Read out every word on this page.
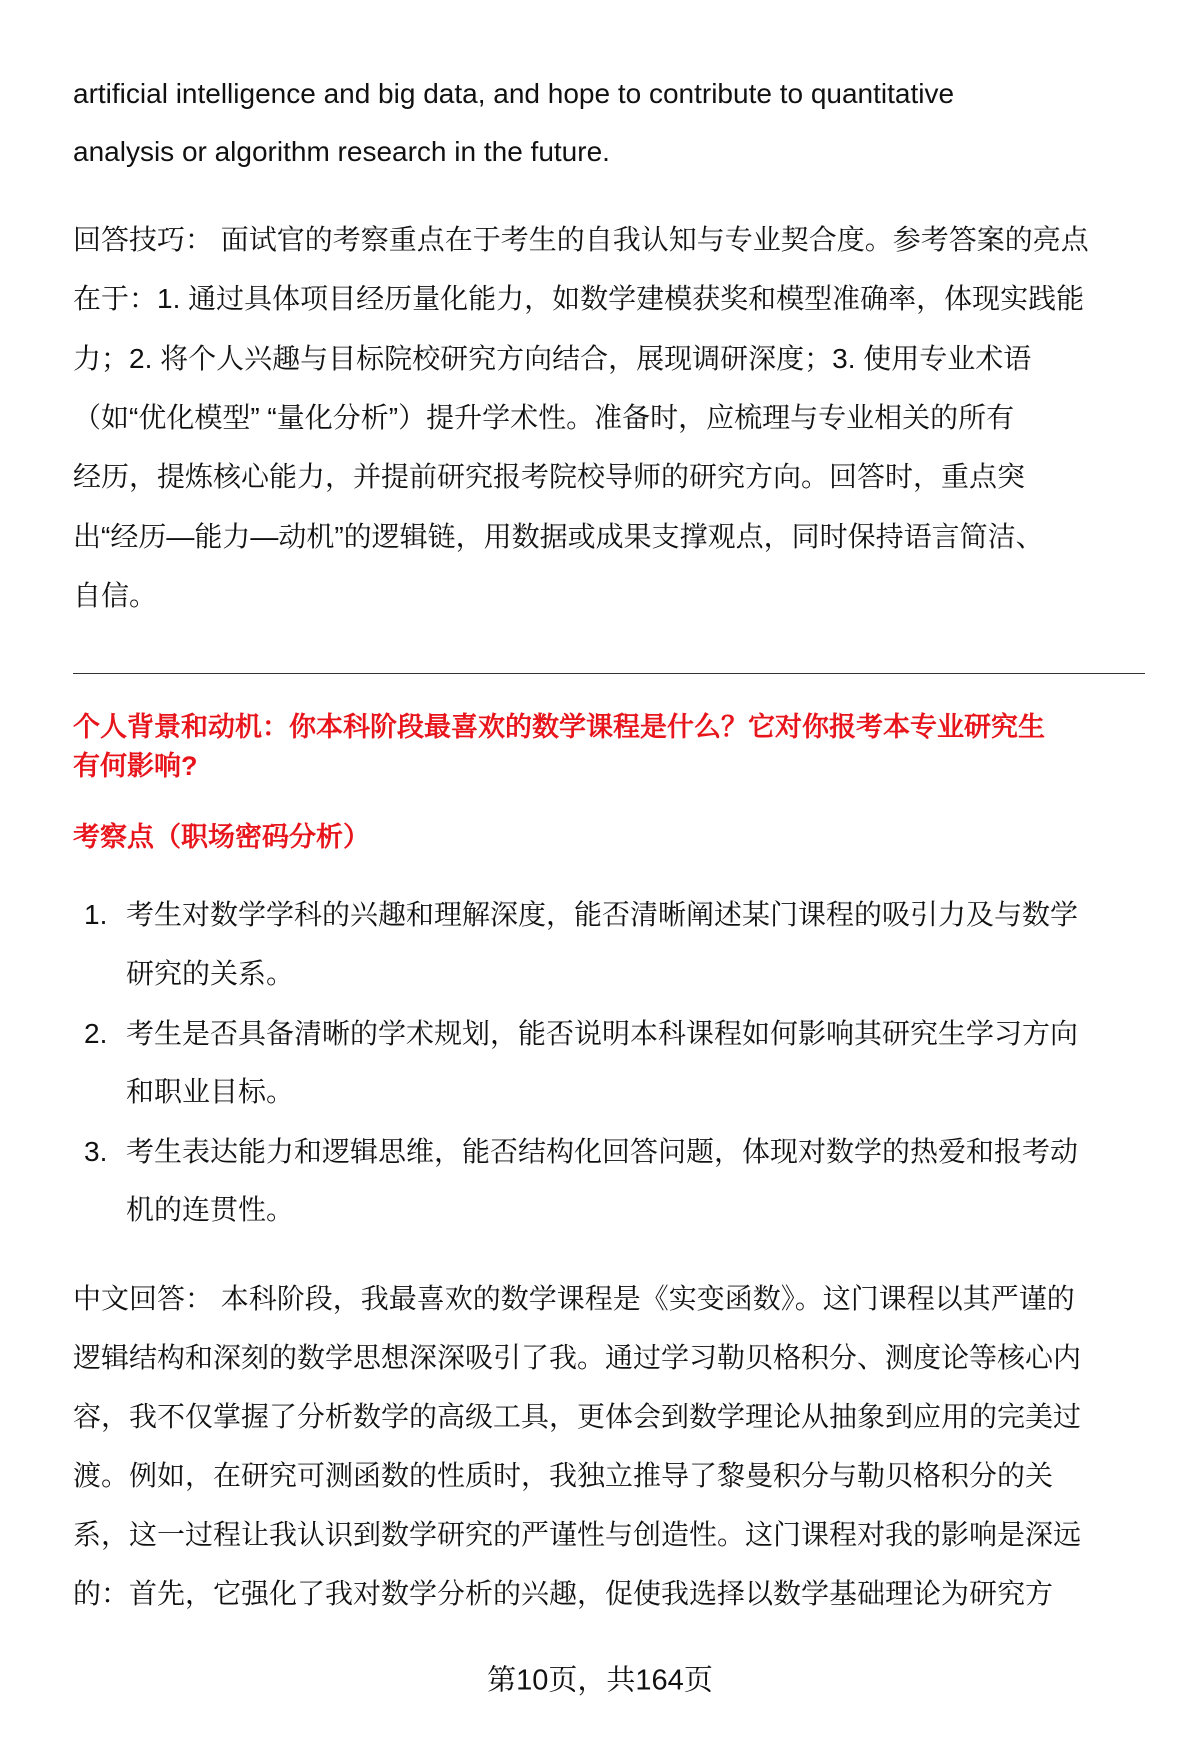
artificial intelligence and big data, and hope to contribute to quantitative
analysis or algorithm research in the future.
回答技巧： 面试官的考察重点在于考生的自我认知与专业契合度。参考答案的亮点
在于：1. 通过具体项目经历量化能力，如数学建模获奖和模型准确率，体现实践能
力；2. 将个人兴趣与目标院校研究方向结合，展现调研深度；3. 使用专业术语
（如“优化模型” “量化分析”）提升学术性。准备时，应梳理与专业相关的所有
经历，提炼核心能力，并提前研究报考院校导师的研究方向。回答时，重点突
出“经历—能力—动机”的逻辑链，用数据或成果支撑观点，同时保持语言简洁、
自信。
个人背景和动机：你本科阶段最喜欢的数学课程是什么？它对你报考本专业研究生
有何影响?
考察点（职场密码分析）
1. 考生对数学学科的兴趣和理解深度，能否清晰阐述某门课程的吸引力及与数学
研究的关系。
2. 考生是否具备清晰的学术规划，能否说明本科课程如何影响其研究生学习方向
和职业目标。
3. 考生表达能力和逻辑思维，能否结构化回答问题，体现对数学的热爱和报考动
机的连贯性。
中文回答： 本科阶段，我最喜欢的数学课程是《实变函数》。这门课程以其严谨的
逻辑结构和深刻的数学思想深深吸引了我。通过学习勒贝格积分、测度论等核心内
容，我不仅掌握了分析数学的高级工具，更体会到数学理论从抽象到应用的完美过
渡。例如，在研究可测函数的性质时，我独立推导了黎曼积分与勒贝格积分的关
系，这一过程让我认识到数学研究的严谨性与创造性。这门课程对我的影响是深远
的：首先，它强化了我对数学分析的兴趣，促使我选择以数学基础理论为研究方
第10页，共164页
